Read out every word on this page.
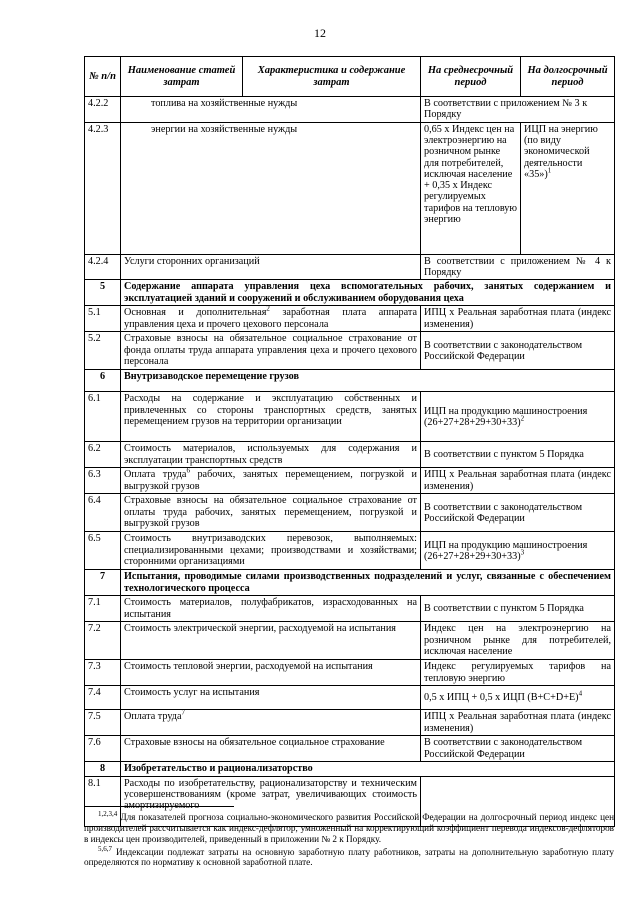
12
№ п/п	Наименование статей затрат	Характеристика и содержание затрат	На среднесрочный период	На долгосрочный период
4.2.2	топлива на хозяйственные нужды		В соответствии с приложением № 3 к Порядку	
4.2.3	энергии на хозяйственные нужды		0,65 x Индекс цен на электроэнергию на розничном рынке для потребителей, исключая население + 0,35 x Индекс регулируемых тарифов на тепловую энергию	ИЦП на энергию (по виду экономической деятельности «35»)$^1$
4.2.4	Услуги сторонних организаций		В соответствии с приложением № 4 к Порядку	
5	Содержание аппарата управления цеха вспомогательных рабочих, занятых содержанием и эксплуатацией зданий и сооружений и обслуживанием оборудования цеха			
5.1	Основная и дополнительная$^2$ заработная плата аппарата управления цеха и прочего цехового персонала		ИПЦ x Реальная заработная плата (индекс изменения)	
5.2	Страховые взносы на обязательное социальное страхование от фонда оплаты труда аппарата управления цеха и прочего цехового персонала		В соответствии с законодательством Российской Федерации	
6	Внутризаводское перемещение грузов			
6.1	Расходы на содержание и эксплуатацию собственных и привлеченных со стороны транспортных средств, занятых перемещением грузов на территории организации		ИЦП на продукцию машиностроения $(26+27+28+29+30+33)^2$
6.2	Стоимость материалов, используемых для содержания и эксплуатации транспортных средств		В соответствии с пунктом 5 Порядка	
6.3	Оплата труда$^6$ рабочих, занятых перемещением, погрузкой и выгрузкой грузов		ИПЦ x Реальная заработная плата (индекс изменения)	
6.4	Страховые взносы на обязательное социальное страхование от оплаты труда рабочих, занятых перемещением, погрузкой и выгрузкой грузов		В соответствии с законодательством Российской Федерации	
6.5	Стоимость внутризаводских перевозок, выполняемых: специализированными цехами; производствами и хозяйствами; сторонними организациями		ИЦП на продукцию машиностроения $(26+27+28+29+30+33)^3$
7	Испытания, проводимые силами производственных подразделений и услуг, связанные с обеспечением технологического процесса			
7.1	Стоимость материалов, полуфабрикатов, израсходованных на испытания		В соответствии с пунктом 5 Порядка	
7.2	Стоимость электрической энергии, расходуемой на испытания		Индекс цен на электроэнергию на розничном рынке для потребителей, исключая население	
7.3	Стоимость тепловой энергии, расходуемой на испытания		Индекс регулируемых тарифов на тепловую энергию	
7.4	Стоимость услуг на испытания		0,5 x ИПЦ + 0,5 x ИЦП $(B+C+D+E)^4$
7.5	Оплата труда$^7$		ИПЦ x Реальная заработная плата (индекс изменения)	
7.6	Страховые взносы на обязательное социальное страхование		В соответствии с законодательством Российской Федерации	
8	Изобретательство и рационализаторство			
8.1	Расходы по изобретательству, рационализаторству и техническим усовершенствованиям (кроме затрат, увеличивающих стоимость амортизируемого			

$^{1,2,3,4}$ Для показателей прогноза социально-экономического развития Российской Федерации на долгосрочный период индекс цен производителей рассчитывается как индекс-дефлятор, умноженный на корректирующий коэффициент перевода индексов-дефляторов в индексы цен производителей, приведенный в приложении № 2 к Порядку.

$^{5,6,7}$ Индексации подлежат затраты на основную заработную плату работников, затраты на дополнительную заработную плату определяются по нормативу к основной заработной плате.
